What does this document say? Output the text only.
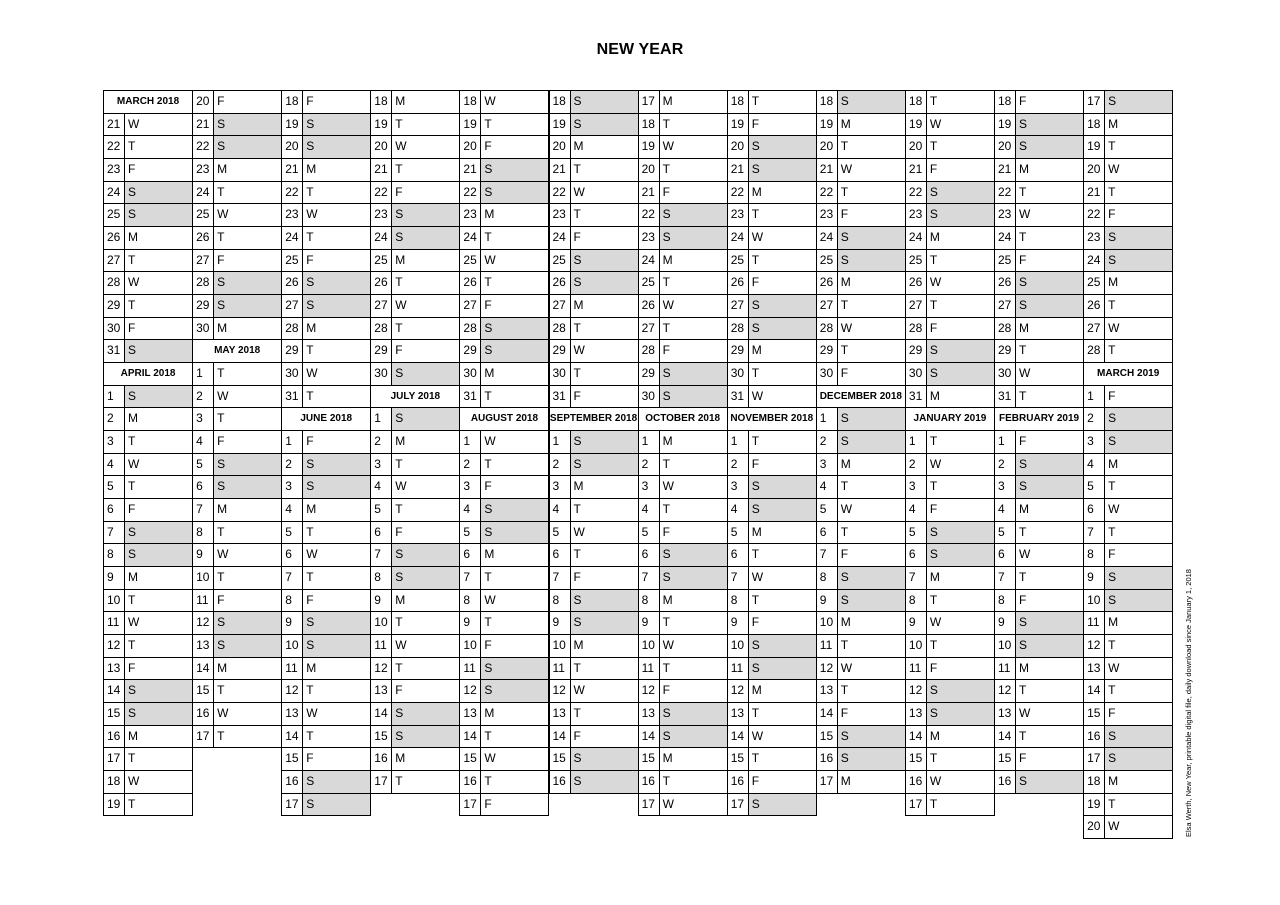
NEW YEAR
MARCH 2018
21 W
22 T
23 F
24 S
25 S
26 M
27 T
28 W
29 T
30 F
31 S
APRIL 2018
1	S
2	M
3	T
4	W
5	T
6	F
7	S
8	S
9	M
10 T
11 W
12 T
13 F
14 S
15 S
16 M
17 T
18 W
19 T
20 F
21 S
22 S
23 M
24 T
25 W
26 T
27 F
28 S
29 S
30 M
MAY 2018
1	T
2	W
3	T
4	F
5	S
6	S
7	M
8	T
9	W
10 T
11 F
12 S
13 S
14 M
15 T
16 W
17 T
18 F
19 S
20 S
21 M
22 T
23 W
24 T
25 F
26 S
27 S
28 M
29 T
30 W
31 T
JUNE 2018
1	F
2	S
3	S
4	M
5	T
6	W
7	T
8	F
9	S
10 S
11 M
12 T
13 W
14 T
15 F
16 S
17 S
18 M
19 T
20 W
21 T
22 F
23 S
24 S
25 M
26 T
27 W
28 T
29 F
30 S
JULY 2018
1	S
2	M
3	T
4	W
5	T
6	F
7	S
8	S
9	M
10 T
11 W
12 T
13 F
14 S
15 S
16 M
17 T
18 W
19 T
20 F
21 S
22 S
23 M
24 T
25 W
26 T
27 F
28 S
29 S
30 M
31 T
AUGUST 2018
1	W
2	T
3	F
4	S
5	S
6	M
7	T
8	W
9	T
10 F
11 S
12 S
13 M
14 T
15 W
16 T
17 F
18 S
19 S
20 M
21 T
22 W
23 T
24 F
25 S
26 S
27 M
28 T
29 W
30 T
31 F
SEPTEMBER 2018
1	S
2	S
3	M
4	T
5	W
6	T
7	F
8	S
9	S
10 M
11 T
12 W
13 T
14 F
15 S
16 S
17 M
18 T
19 W
20 T
21 F
22 S
23 S
24 M
25 T
26 W
27 T
28 F
29 S
30 S
OCTOBER 2018
1	M
2	T
3	W
4	T
5	F
6	S
7	S
8	M
9	T
10 W
11 T
12 F
13 S
14 S
15 M
16 T
17 W
18 T
19 F
20 S
21 S
22 M
23 T
24 W
25 T
26 F
27 S
28 S
29 M
30 T
31 W
NOVEMBER 2018
1	T
2	F
3	S
4	S
5	M
6	T
7	W
8	T
9	F
10 S
11 S
12 M
13 T
14 W
15 T
16 F
17 S
18 S
19 M
20 T
21 W
22 T
23 F
24 S
25 S
26 M
27 T
28 W
29 T
30 F
DECEMBER 2018
1	S
2	S
3	M
4	T
5	W
6	T
7	F
8	S
9	S
10 M
11 T
12 W
13 T
14 F
15 S
16 S
17 M
18 T
19 W
20 T
21 F
22 S
23 S
24 M
25 T
26 W
27 T
28 F
29 S
30 S
31 M
JANUARY 2019
1	T
2	W
3	T
4	F
5	S
6	S
7	M
8	T
9	W
10 T
11 F
12 S
13 S
14 M
15 T
16 W
17 T
18 F
19 S
20 S
21 M
22 T
23 W
24 T
25 F
26 S
27 S
28 M
29 T
30 W
31 T
FEBRUARY 2019
1	F
2	S
3	S
4	M
5	T
6	W
7	T
8	F
9	S
10 S
11 M
12 T
13 W
14 T
15 F
16 S
17 S
18 M
19 T
20 W
21 T
22 F
23 S
24 S
25 M
26 T
27 W
28 T
MARCH 2019
1	F
2	S
3	S
4	M
5	T
6	W
7	T
8	F
9	S
10 S
11 M
12 T
13 W
14 T
15 F
16 S
17 S
18 M
19 T
20 W	Elsa Werth, New Year, printable digital file, daily download since January 1, 2018
